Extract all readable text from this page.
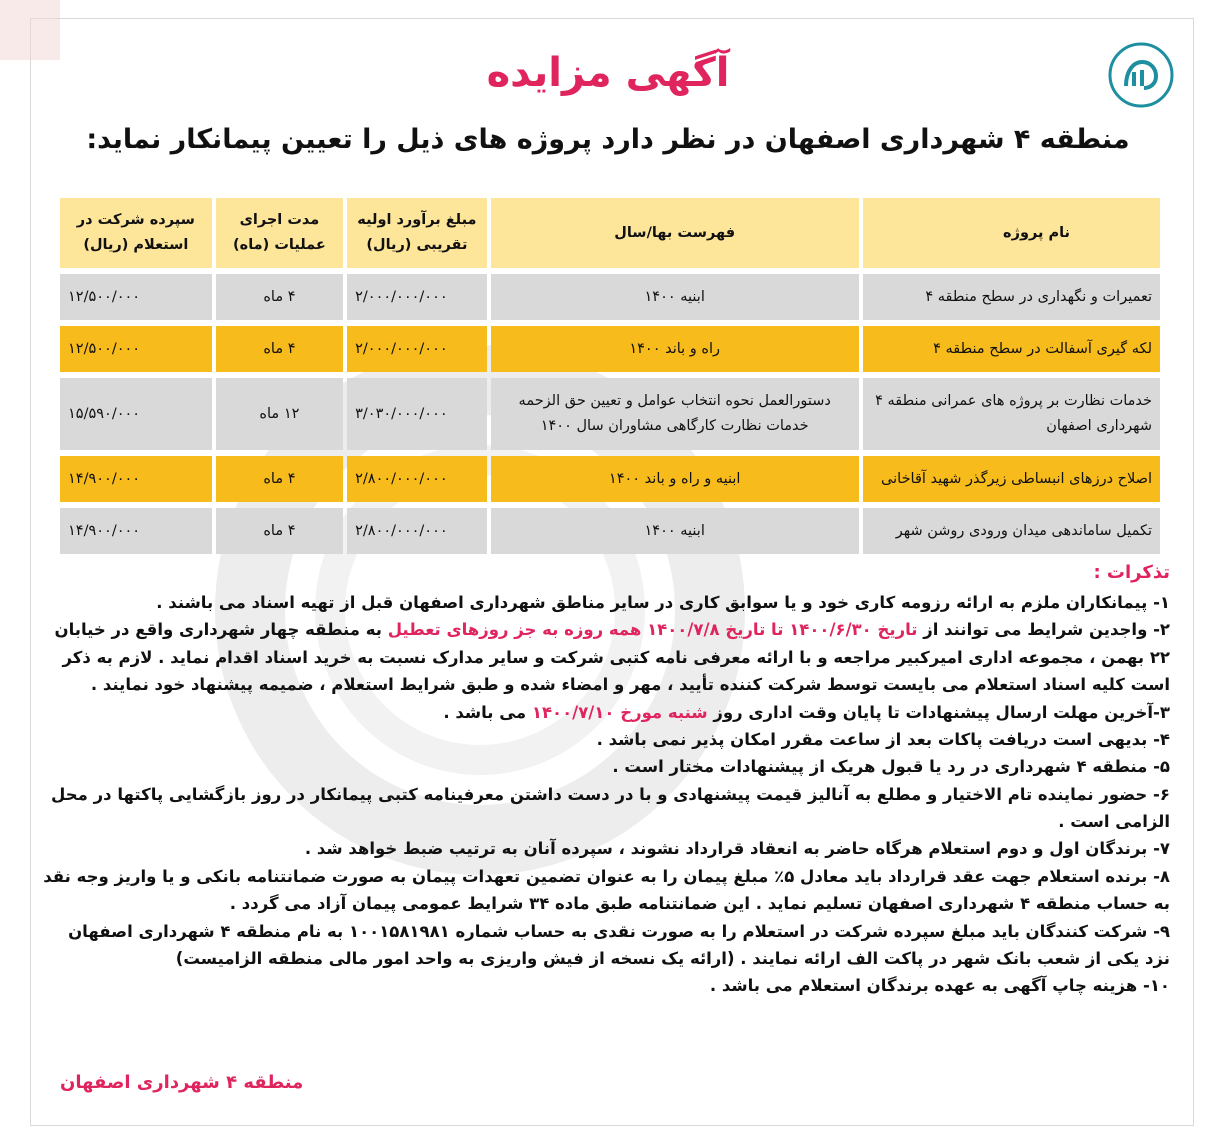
آگهی مزایده
منطقه ۴ شهرداری اصفهان در نظر دارد پروژه های ذیل را تعیین پیمانکار نماید:
نام پروژه	فهرست بها/سال	مبلغ برآورد اولیه تقریبی (ریال)	مدت اجرای عملیات (ماه)	سپرده شرکت در استعلام (ریال)
تعمیرات و نگهداری در سطح منطقه ۴	ابنیه ۱۴۰۰	۲/۰۰۰/۰۰۰/۰۰۰	۴ ماه	۱۲/۵۰۰/۰۰۰
لکه گیری آسفالت در سطح منطقه ۴	راه و باند ۱۴۰۰	۲/۰۰۰/۰۰۰/۰۰۰	۴ ماه	۱۲/۵۰۰/۰۰۰
خدمات نظارت بر پروژه های عمرانی منطقه ۴ شهرداری اصفهان	دستورالعمل نحوه انتخاب عوامل و تعیین حق الزحمه خدمات نظارت کارگاهی مشاوران سال ۱۴۰۰	۳/۰۳۰/۰۰۰/۰۰۰	۱۲ ماه	۱۵/۵۹۰/۰۰۰
اصلاح درزهای انبساطی زیرگذر شهید آقاخانی	ابنیه و راه و باند ۱۴۰۰	۲/۸۰۰/۰۰۰/۰۰۰	۴ ماه	۱۴/۹۰۰/۰۰۰
تکمیل ساماندهی میدان ورودی روشن شهر	ابنیه ۱۴۰۰	۲/۸۰۰/۰۰۰/۰۰۰	۴ ماه	۱۴/۹۰۰/۰۰۰
تذکرات :
۱- پیمانکاران ملزم به ارائه رزومه کاری خود و یا سوابق کاری در سایر مناطق شهرداری اصفهان قبل از تهیه اسناد می باشند .
۲- واجدین شرایط می توانند از تاریخ ۱۴۰۰/۶/۳۰ تا تاریخ ۱۴۰۰/۷/۸ همه روزه به جز روزهای تعطیل به منطقه چهار شهرداری واقع در خیابان ۲۲ بهمن ، مجموعه اداری امیرکبیر مراجعه و با ارائه معرفی نامه کتبی شرکت و سایر مدارک نسبت به خرید اسناد اقدام نماید . لازم به ذکر است کلیه اسناد استعلام می بایست توسط شرکت کننده تأیید ، مهر و امضاء شده و طبق شرایط استعلام ، ضمیمه پیشنهاد خود نمایند .
۳-آخرین مهلت ارسال پیشنهادات تا پایان وقت اداری روز شنبه مورخ ۱۴۰۰/۷/۱۰ می باشد .
۴- بدیهی است دریافت پاکات بعد از ساعت مقرر امکان پذیر نمی باشد .
۵- منطقه ۴ شهرداری در رد یا قبول هریک از پیشنهادات مختار است .
۶- حضور نماینده تام الاختیار و مطلع به آنالیز قیمت پیشنهادی و با در دست داشتن معرفینامه کتبی پیمانکار در روز بازگشایی پاکتها در محل الزامی است .
۷- برندگان اول و دوم استعلام هرگاه حاضر به انعقاد قرارداد نشوند ، سپرده آنان به ترتیب ضبط خواهد شد .
۸- برنده استعلام جهت عقد قرارداد باید معادل ۵٪ مبلغ پیمان را به عنوان تضمین تعهدات پیمان به صورت ضمانتنامه بانکی و یا واریز وجه نقد به حساب منطقه ۴ شهرداری اصفهان تسلیم نماید . این ضمانتنامه طبق ماده ۳۴ شرایط عمومی پیمان آزاد می گردد .
۹- شرکت کنندگان باید مبلغ سپرده شرکت در استعلام را به صورت نقدی به حساب شماره ۱۰۰۱۵۸۱۹۸۱ به نام منطقه ۴ شهرداری اصفهان نزد یکی از شعب بانک شهر در پاکت الف ارائه نمایند . (ارائه یک نسخه از فیش واریزی به واحد امور مالی منطقه الزامیست)
۱۰- هزینه چاپ آگهی به عهده برندگان استعلام می باشد .
منطقه ۴ شهرداری اصفهان
